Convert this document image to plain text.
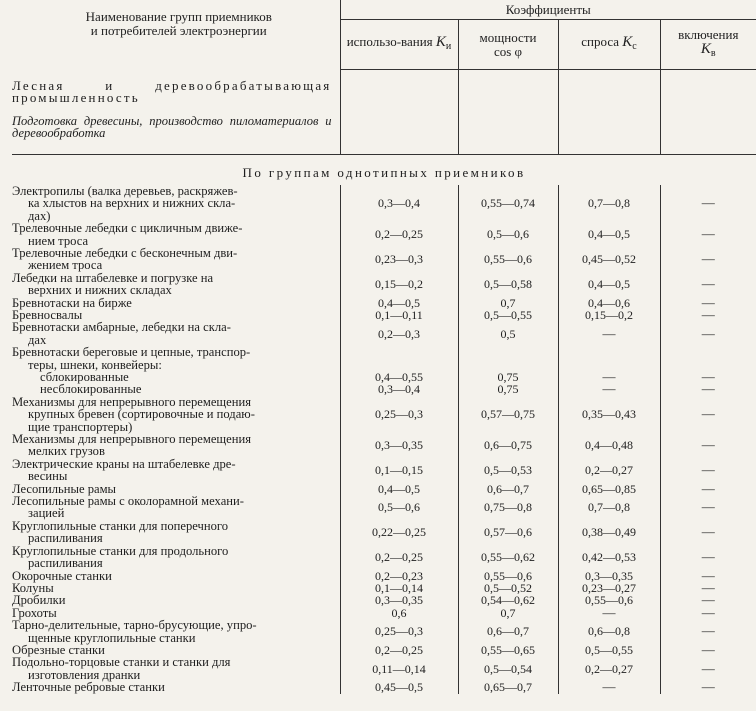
Наименование групп приемников
и потребителей электроэнергии	Коэффициенты			
	использо-вания $K_и$	мощности
cos φ	спроса $K_с$	включения
$K_в$
Лесная и деревообрабатывающая промышленность				
Подготовка древесины, производство пиломатериалов и деревообработка				

По группам однотипных приемников				

Электропилы (валка деревьев, раскряжев-
ка хлыстов на верхних и нижних скла-
дах)	0,3—0,4	0,55—0,74	0,7—0,8	—

Трелевочные лебедки с цикличным движе-
нием троса	0,2—0,25	0,5—0,6	0,4—0,5	—

Трелевочные лебедки с бесконечным дви-
жением троса	0,23—0,3	0,55—0,6	0,45—0,52	—

Лебедки на штабелевке и погрузке на
верхних и нижних складах	0,15—0,2	0,5—0,58	0,4—0,5	—

Бревнотаски на бирже	0,4—0,5	0,7	0,4—0,6	—

Бревносвалы	0,1—0,11	0,5—0,55	0,15—0,2	—

Бревнотаски амбарные, лебедки на скла-
дах	0,2—0,3	0,5	—	—

Бревнотаски береговые и цепные, транспор-
теры, шнеки, конвейеры:				

сблокированные	0,4—0,55	0,75	—	—

несблокированные	0,3—0,4	0,75	—	—

Механизмы для непрерывного перемещения
крупных бревен (сортировочные и подаю-
щие транспортеры)	0,25—0,3	0,57—0,75	0,35—0,43	—

Механизмы для непрерывного перемещения
мелких грузов	0,3—0,35	0,6—0,75	0,4—0,48	—

Электрические краны на штабелевке дре-
весины	0,1—0,15	0,5—0,53	0,2—0,27	—

Лесопильные рамы	0,4—0,5	0,6—0,7	0,65—0,85	—

Лесопильные рамы с околорамной механи-
зацией	0,5—0,6	0,75—0,8	0,7—0,8	—

Круглопильные станки для поперечного
распиливания	0,22—0,25	0,57—0,6	0,38—0,49	—

Круглопильные станки для продольного
распиливания	0,2—0,25	0,55—0,62	0,42—0,53	—

Окорочные станки	0,2—0,23	0,55—0,6	0,3—0,35	—

Колуны	0,1—0,14	0,5—0,52	0,23—0,27	—

Дробилки	0,3—0,35	0,54—0,62	0,55—0,6	—

Грохоты	0,6	0,7	—	—

Тарно-делительные, тарно-брусующие, упро-
щенные круглопильные станки	0,25—0,3	0,6—0,7	0,6—0,8	—

Обрезные станки	0,2—0,25	0,55—0,65	0,5—0,55	—

Подольно-торцовые станки и станки для
изготовления дранки	0,11—0,14	0,5—0,54	0,2—0,27	—

Ленточные ребровые станки	0,45—0,5	0,65—0,7	—	—
